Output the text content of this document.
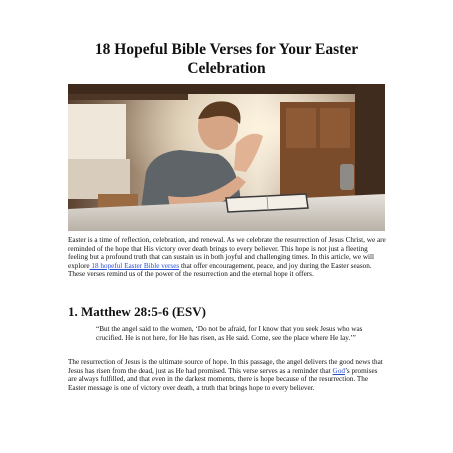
18 Hopeful Bible Verses for Your Easter Celebration

Easter is a time of reflection, celebration, and renewal. As we celebrate the resurrection of Jesus Christ, we are reminded of the hope that His victory over death brings to every believer. This hope is not just a fleeting feeling but a profound truth that can sustain us in both joyful and challenging times. In this article, we will explore 18 hopeful Easter Bible verses that offer encouragement, peace, and joy during the Easter season. These verses remind us of the power of the resurrection and the eternal hope it offers.

1. Matthew 28:5-6 (ESV)

“But the angel said to the women, ‘Do not be afraid, for I know that you seek Jesus who was crucified. He is not here, for He has risen, as He said. Come, see the place where He lay.’”

The resurrection of Jesus is the ultimate source of hope. In this passage, the angel delivers the good news that Jesus has risen from the dead, just as He had promised. This verse serves as a reminder that God’s promises are always fulfilled, and that even in the darkest moments, there is hope because of the resurrection. The Easter message is one of victory over death, a truth that brings hope to every believer.
